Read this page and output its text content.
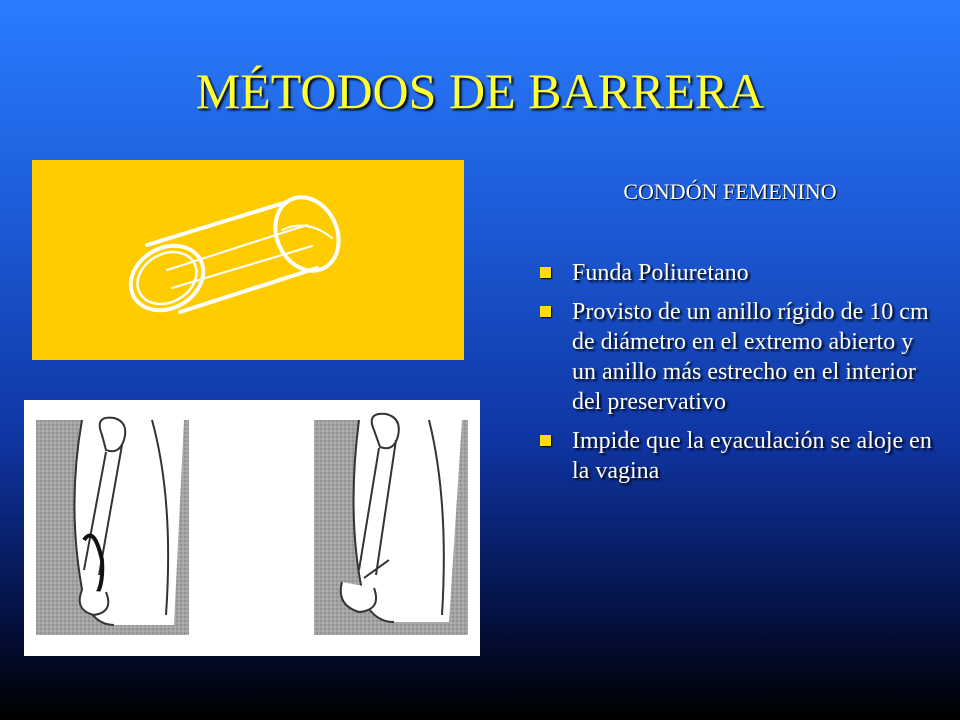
MÉTODOS DE BARRERA
CONDÓN FEMENINO
Funda Poliuretano
Provisto de un anillo rígido de 10 cm de diámetro en el extremo abierto y un anillo más estrecho en el interior del preservativo
Impide que la eyaculación se aloje en la vagina
